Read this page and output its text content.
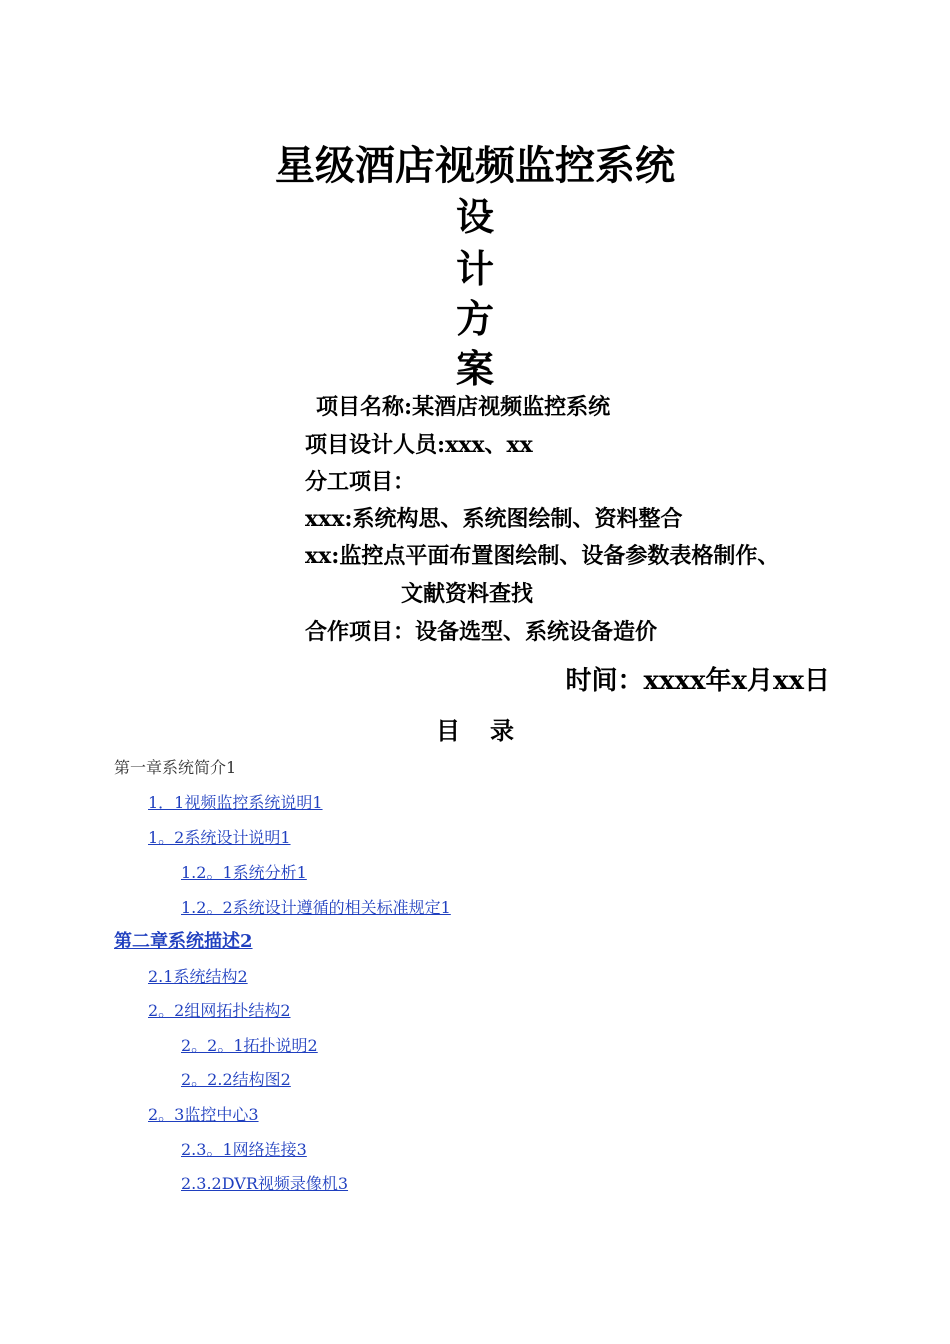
星级酒店视频监控系统
设
计
方
案
项目名称:某酒店视频监控系统
项目设计人员:xxx、xx
分工项目：
xxx:系统构思、系统图绘制、资料整合
xx:监控点平面布置图绘制、设备参数表格制作、
文献资料查找
合作项目：设备选型、系统设备造价
时间：xxxx年x月xx日
目录
第一章系统简介1
1．1视频监控系统说明1
1。2系统设计说明1
1.2。1系统分析1
1.2。2系统设计遵循的相关标准规定1
第二章系统描述2
2.1系统结构2
2。2组网拓扑结构2
2。2。1拓扑说明2
2。2.2结构图2
2。3监控中心3
2.3。1网络连接3
2.3.2DVR视频录像机3
